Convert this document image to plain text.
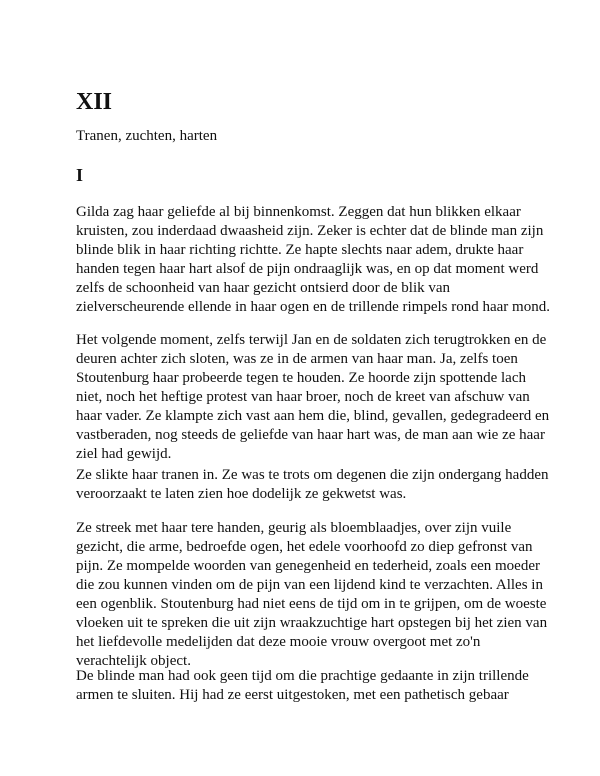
XII
Tranen, zuchten, harten
I

Gilda zag haar geliefde al bij binnenkomst. Zeggen dat hun blikken elkaar kruisten, zou inderdaad dwaasheid zijn. Zeker is echter dat de blinde man zijn blinde blik in haar richting richtte. Ze hapte slechts naar adem, drukte haar handen tegen haar hart alsof de pijn ondraaglijk was, en op dat moment werd zelfs de schoonheid van haar gezicht ontsierd door de blik van zielverscheurende ellende in haar ogen en de trillende rimpels rond haar mond.

Het volgende moment, zelfs terwijl Jan en de soldaten zich terugtrokken en de deuren achter zich sloten, was ze in de armen van haar man. Ja, zelfs toen Stoutenburg haar probeerde tegen te houden. Ze hoorde zijn spottende lach niet, noch het heftige protest van haar broer, noch de kreet van afschuw van haar vader. Ze klampte zich vast aan hem die, blind, gevallen, gedegradeerd en vastberaden, nog steeds de geliefde van haar hart was, de man aan wie ze haar ziel had gewijd.

Ze slikte haar tranen in. Ze was te trots om degenen die zijn ondergang hadden veroorzaakt te laten zien hoe dodelijk ze gekwetst was.

Ze streek met haar tere handen, geurig als bloemblaadjes, over zijn vuile gezicht, die arme, bedroefde ogen, het edele voorhoofd zo diep gefronst van pijn. Ze mompelde woorden van genegenheid en tederheid, zoals een moeder die zou kunnen vinden om de pijn van een lijdend kind te verzachten. Alles in een ogenblik. Stoutenburg had niet eens de tijd om in te grijpen, om de woeste vloeken uit te spreken die uit zijn wraakzuchtige hart opstegen bij het zien van het liefdevolle medelijden dat deze mooie vrouw overgoot met zo'n verachtelijk object.

De blinde man had ook geen tijd om die prachtige gedaante in zijn trillende armen te sluiten. Hij had ze eerst uitgestoken, met een pathetisch gebaar
